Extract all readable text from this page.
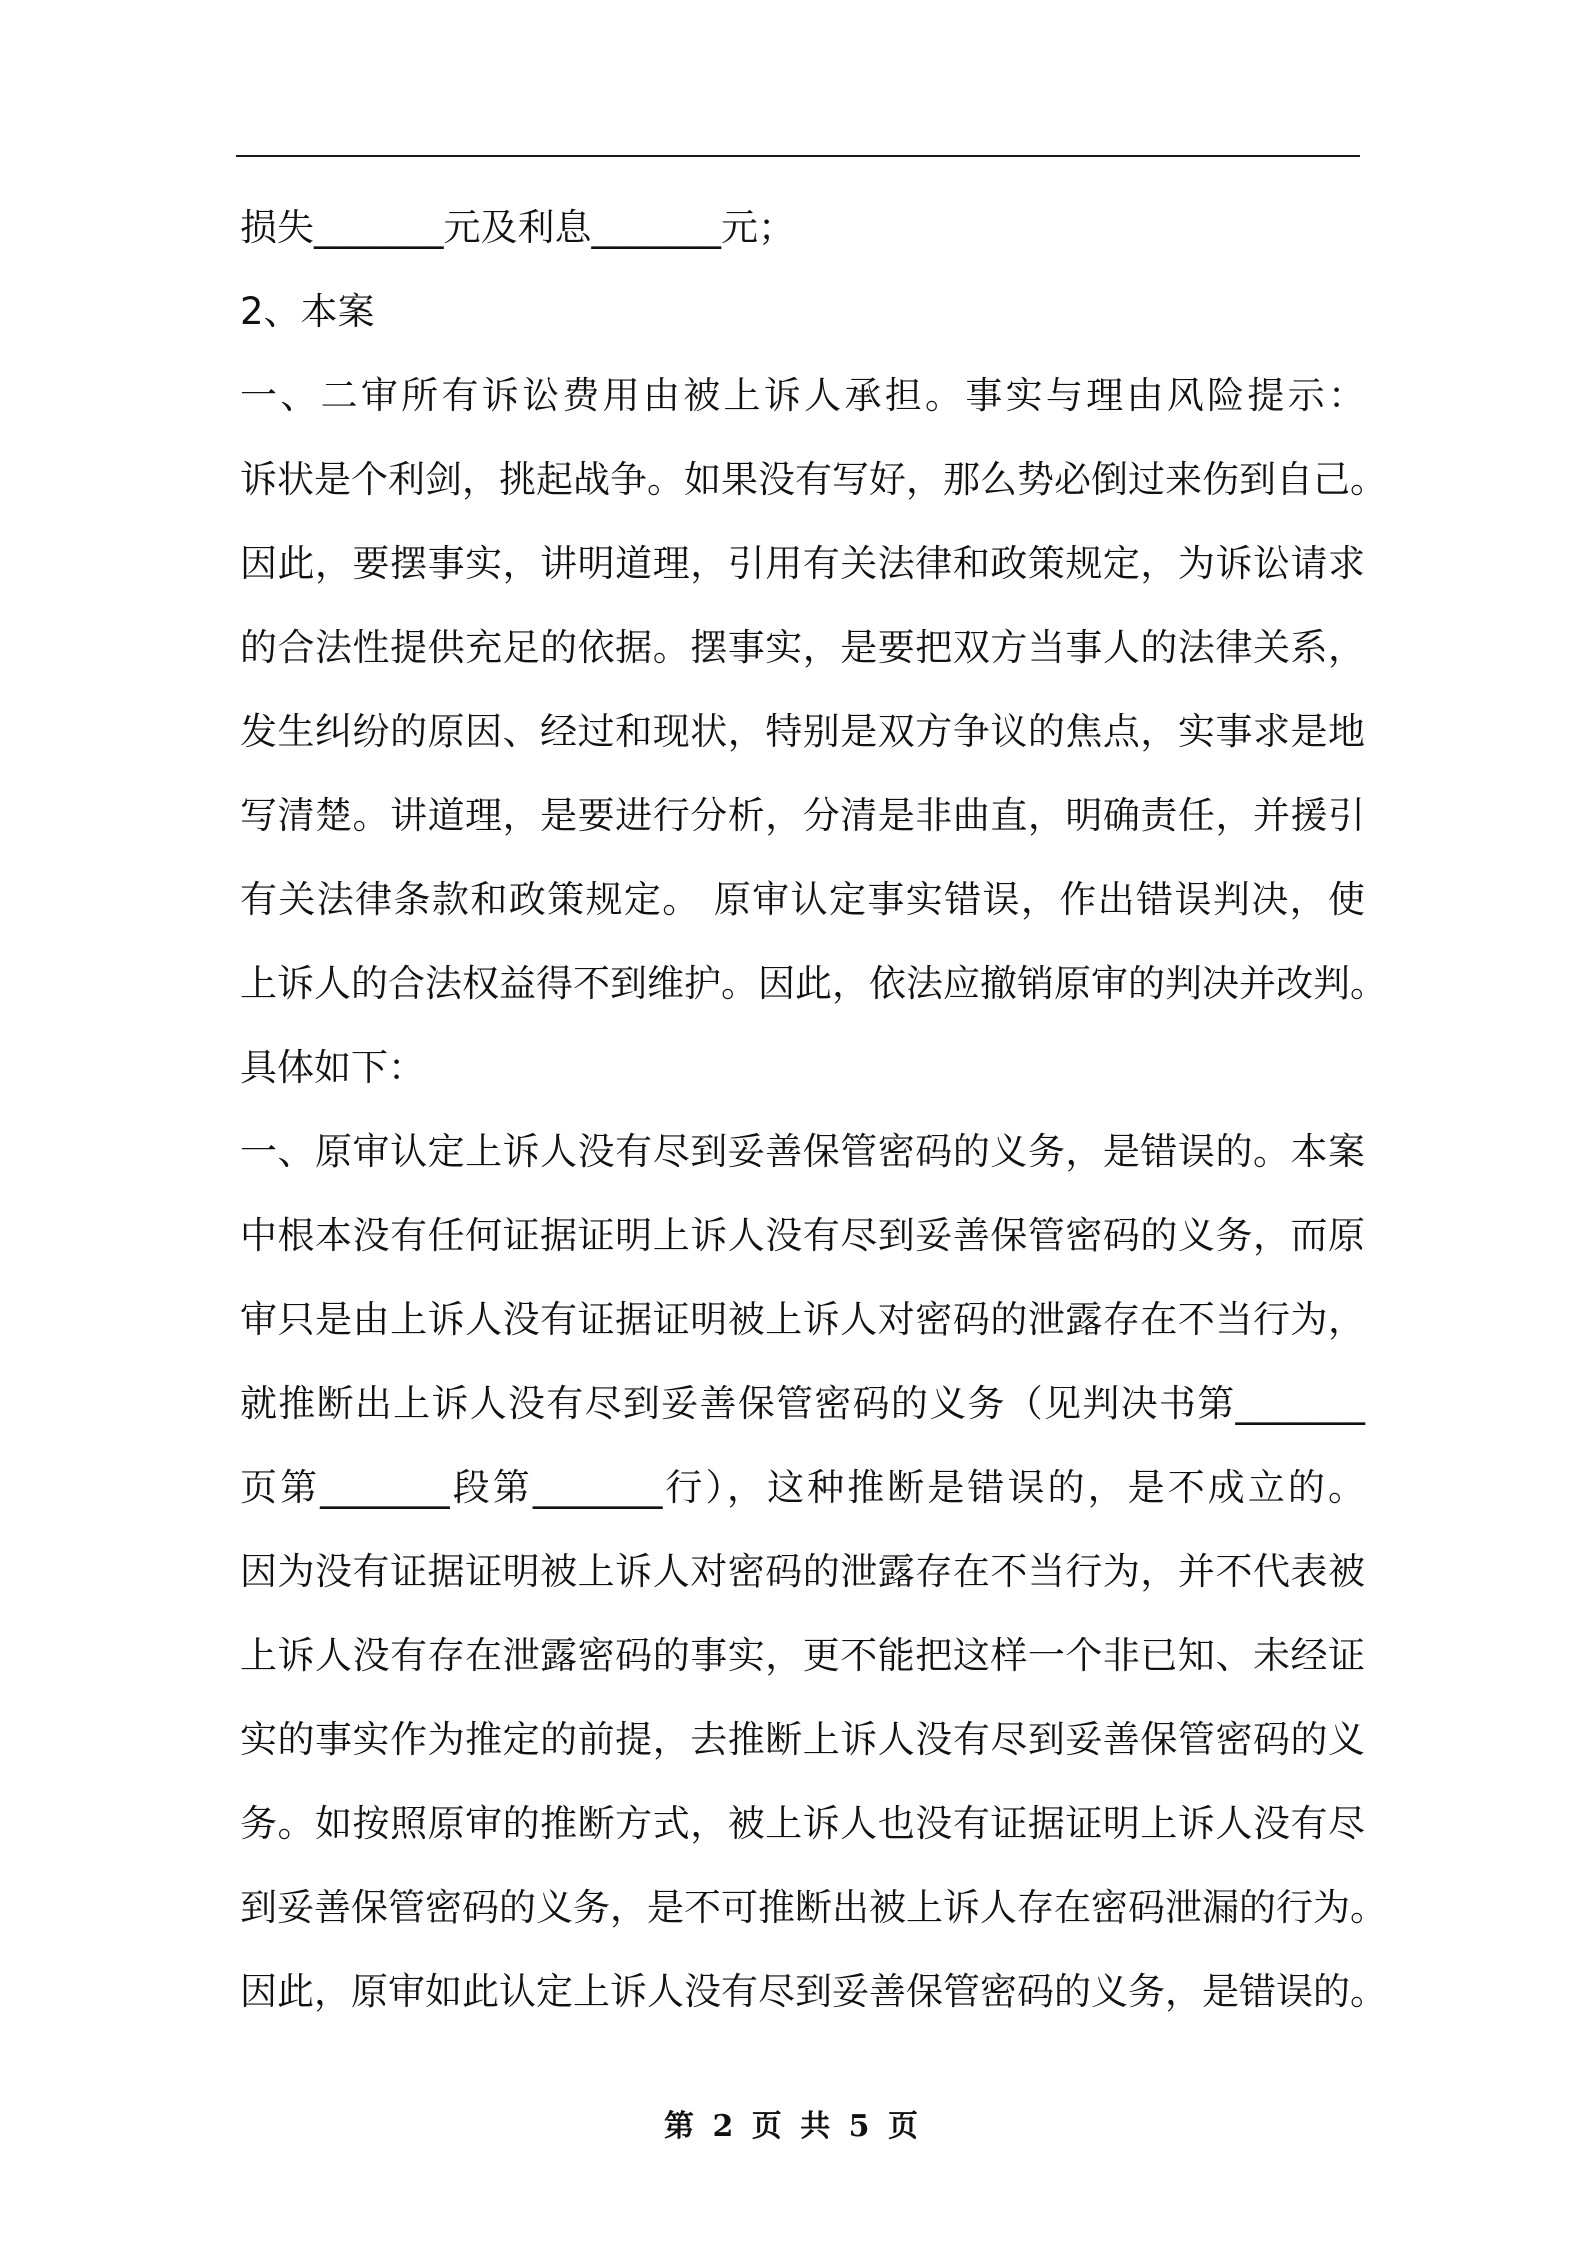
损失_______元及利息_______元；
2、本案
一、二审所有诉讼费用由被上诉人承担。事实与理由风险提示：
诉状是个利剑，挑起战争。如果没有写好，那么势必倒过来伤到自己。
因此，要摆事实，讲明道理，引用有关法律和政策规定，为诉讼请求
的合法性提供充足的依据。摆事实，是要把双方当事人的法律关系，
发生纠纷的原因、经过和现状，特别是双方争议的焦点，实事求是地
写清楚。讲道理，是要进行分析，分清是非曲直，明确责任，并援引
有关法律条款和政策规定。 原审认定事实错误，作出错误判决，使
上诉人的合法权益得不到维护。因此，依法应撤销原审的判决并改判。
具体如下：
一、原审认定上诉人没有尽到妥善保管密码的义务，是错误的。本案
中根本没有任何证据证明上诉人没有尽到妥善保管密码的义务，而原
审只是由上诉人没有证据证明被上诉人对密码的泄露存在不当行为，
就推断出上诉人没有尽到妥善保管密码的义务（见判决书第_______
页第_______段第_______行），这种推断是错误的，是不成立的。
因为没有证据证明被上诉人对密码的泄露存在不当行为，并不代表被
上诉人没有存在泄露密码的事实，更不能把这样一个非已知、未经证
实的事实作为推定的前提，去推断上诉人没有尽到妥善保管密码的义
务。如按照原审的推断方式，被上诉人也没有证据证明上诉人没有尽
到妥善保管密码的义务，是不可推断出被上诉人存在密码泄漏的行为。
因此，原审如此认定上诉人没有尽到妥善保管密码的义务，是错误的。
第 2 页 共 5 页
